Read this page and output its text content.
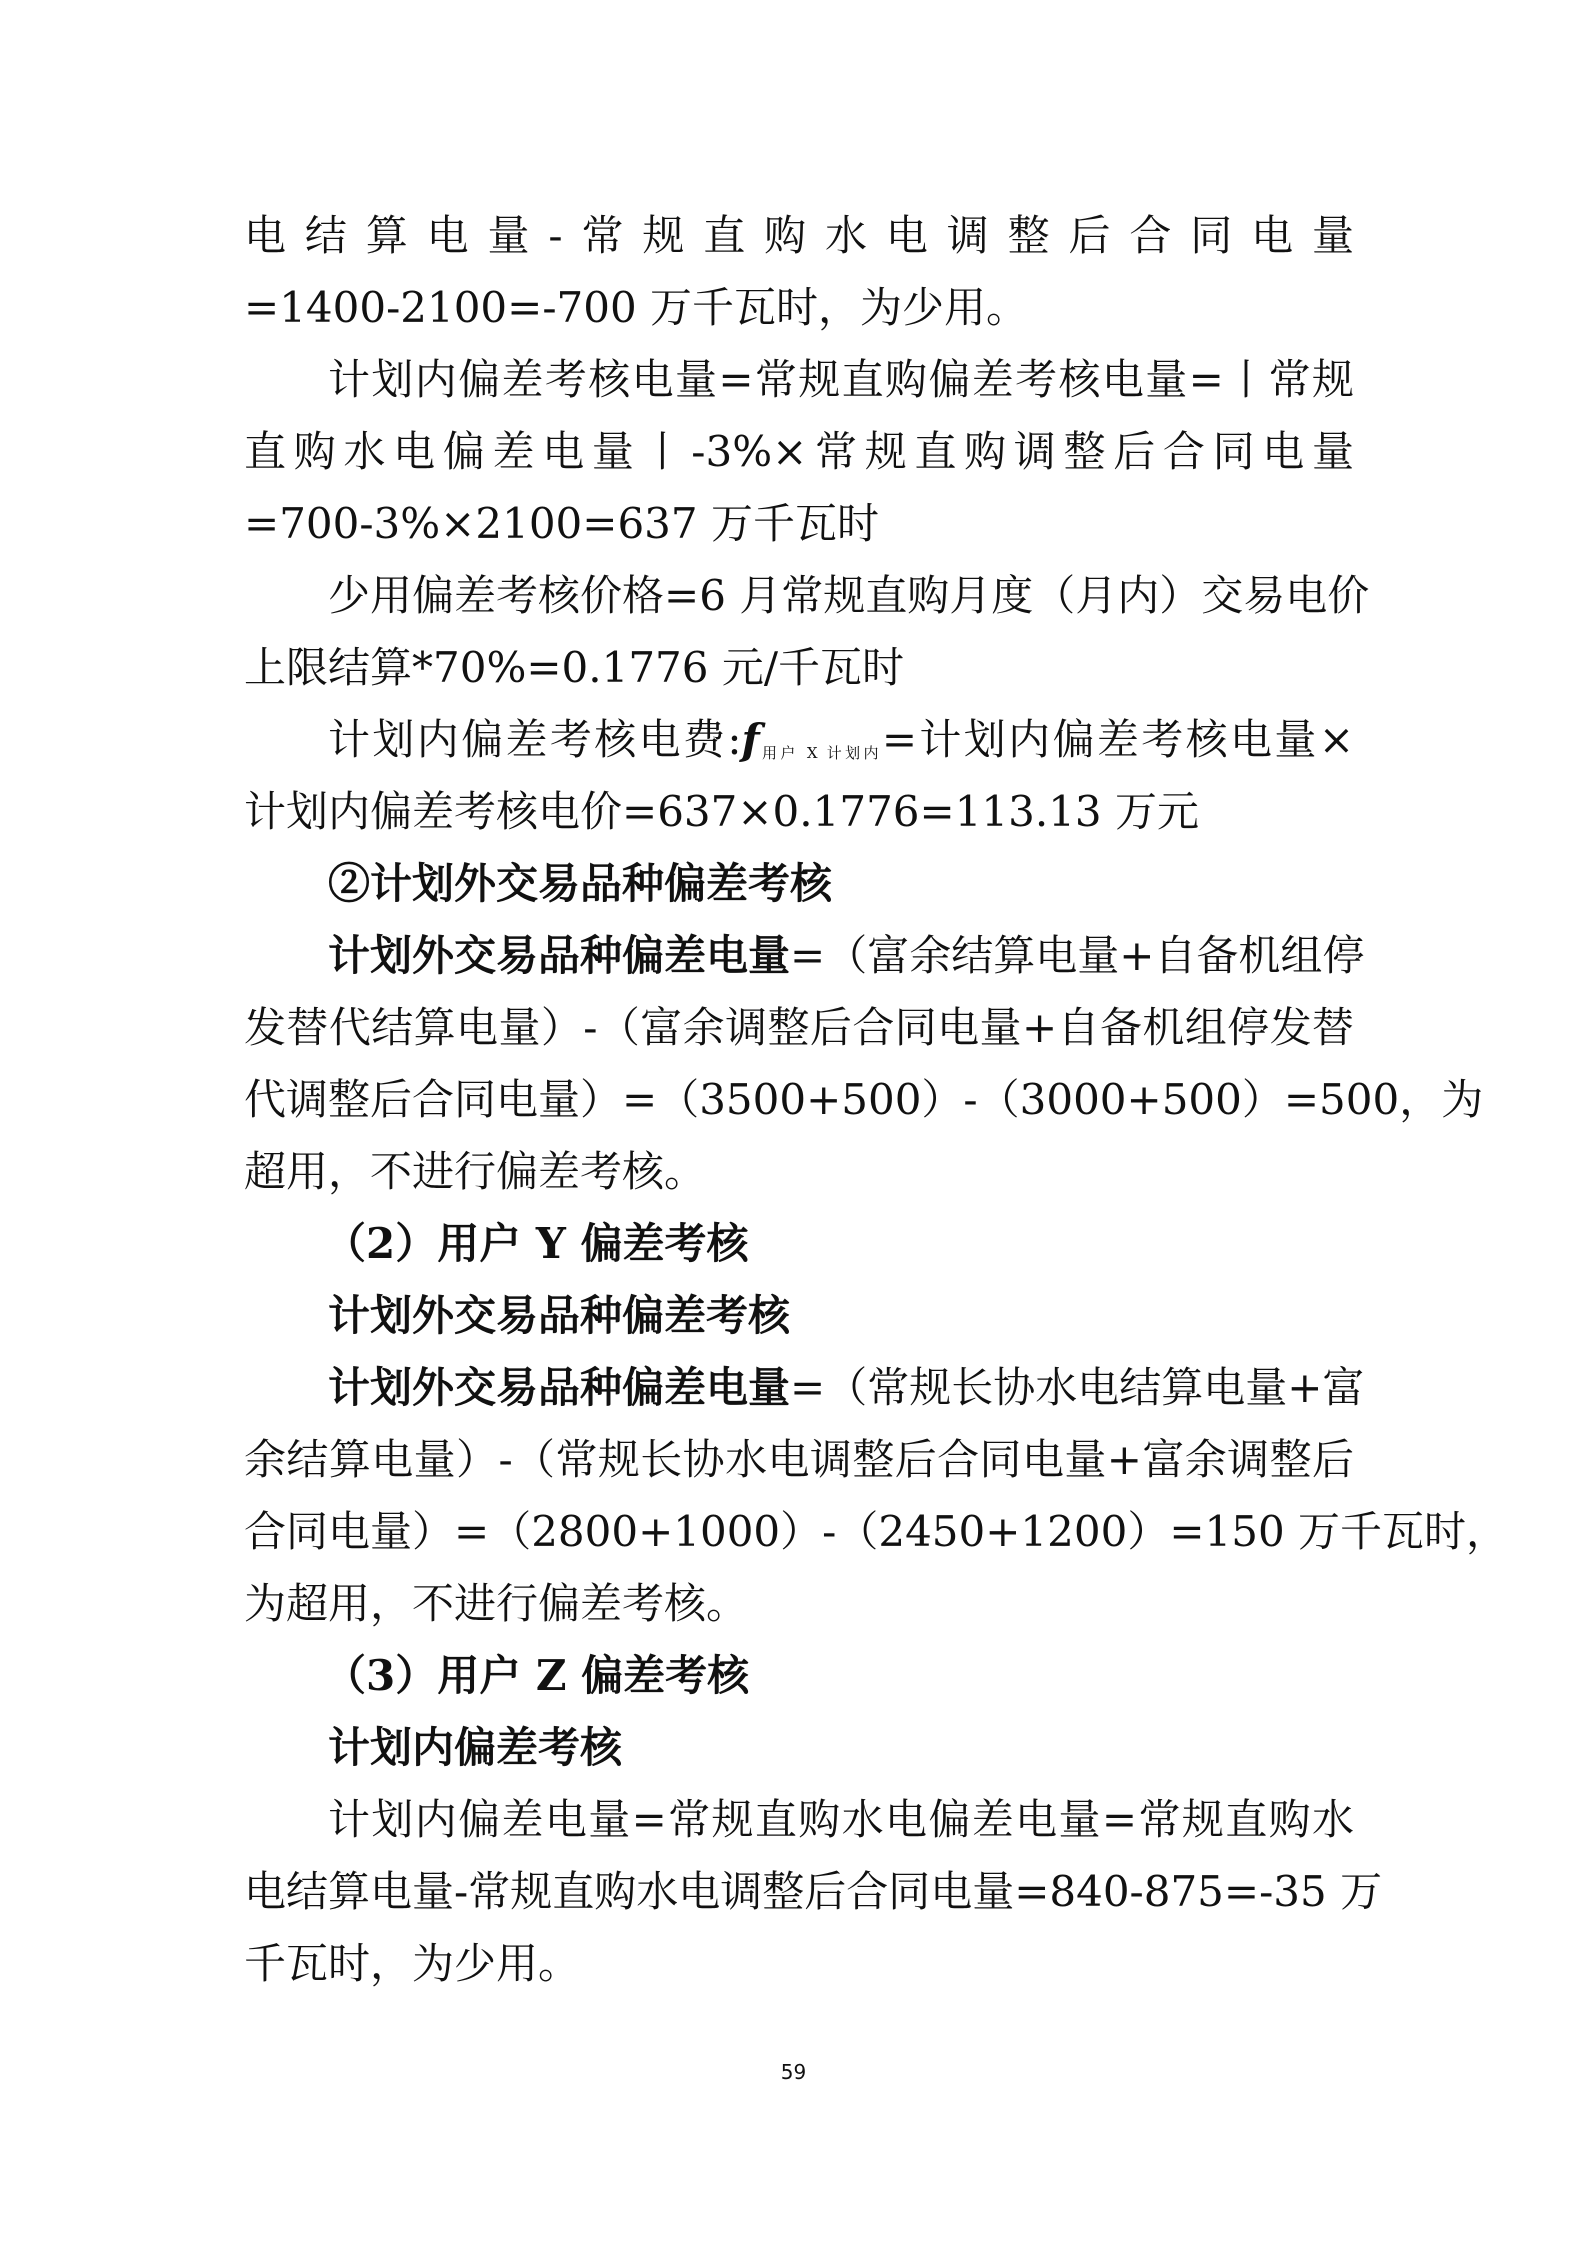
电结算电量-常规直购水电调整后合同电量
=1400-2100=-700 万千瓦时，为少用。
计划内偏差考核电量=常规直购偏差考核电量=丨常规
直购水电偏差电量丨-3%×常规直购调整后合同电量
=700-3%×2100=637 万千瓦时
少用偏差考核价格=6 月常规直购月度（月内）交易电价
上限结算*70%=0.1776 元/千瓦时
计划内偏差考核电费$:f_{用户 X 计划内}=$计划内偏差考核电量×
计划内偏差考核电价=637×0.1776=113.13 万元
②计划外交易品种偏差考核
计划外交易品种偏差电量=（富余结算电量+自备机组停
发替代结算电量）-（富余调整后合同电量+自备机组停发替
代调整后合同电量）=（3500+500）-（3000+500）=500，为
超用，不进行偏差考核。
（2）用户 Y 偏差考核
计划外交易品种偏差考核
计划外交易品种偏差电量=（常规长协水电结算电量+富
余结算电量）-（常规长协水电调整后合同电量+富余调整后
合同电量）=（2800+1000）-（2450+1200）=150 万千瓦时，
为超用，不进行偏差考核。
（3）用户 Z 偏差考核
计划内偏差考核
计划内偏差电量=常规直购水电偏差电量=常规直购水
电结算电量-常规直购水电调整后合同电量=840-875=-35 万
千瓦时，为少用。
59
